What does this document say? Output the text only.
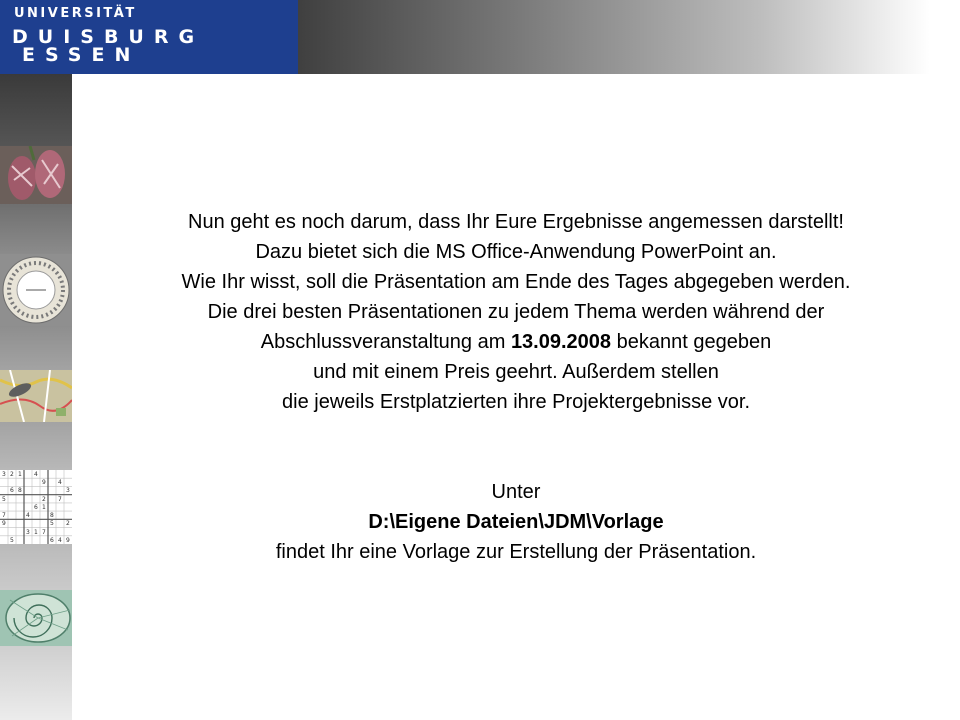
UNIVERSITÄT
DUISBURG
ESSEN
3 2 1 4
9 4
6 8	3
5	2 7
6 1
7	4	8
9	5 2
3 1 7
5	6 4 9
Nun geht es noch darum, dass Ihr Eure Ergebnisse angemessen darstellt!
Dazu bietet sich die MS Office-Anwendung PowerPoint an.
Wie Ihr wisst, soll die Präsentation am Ende des Tages abgegeben werden.
Die drei besten Präsentationen zu jedem Thema werden während der
Abschlussveranstaltung am 13.09.2008 bekannt gegeben
und mit einem Preis geehrt. Außerdem stellen
die jeweils Erstplatzierten ihre Projektergebnisse vor.
Unter
D:\Eigene Dateien\JDM\Vorlage
findet Ihr eine Vorlage zur Erstellung der Präsentation.
